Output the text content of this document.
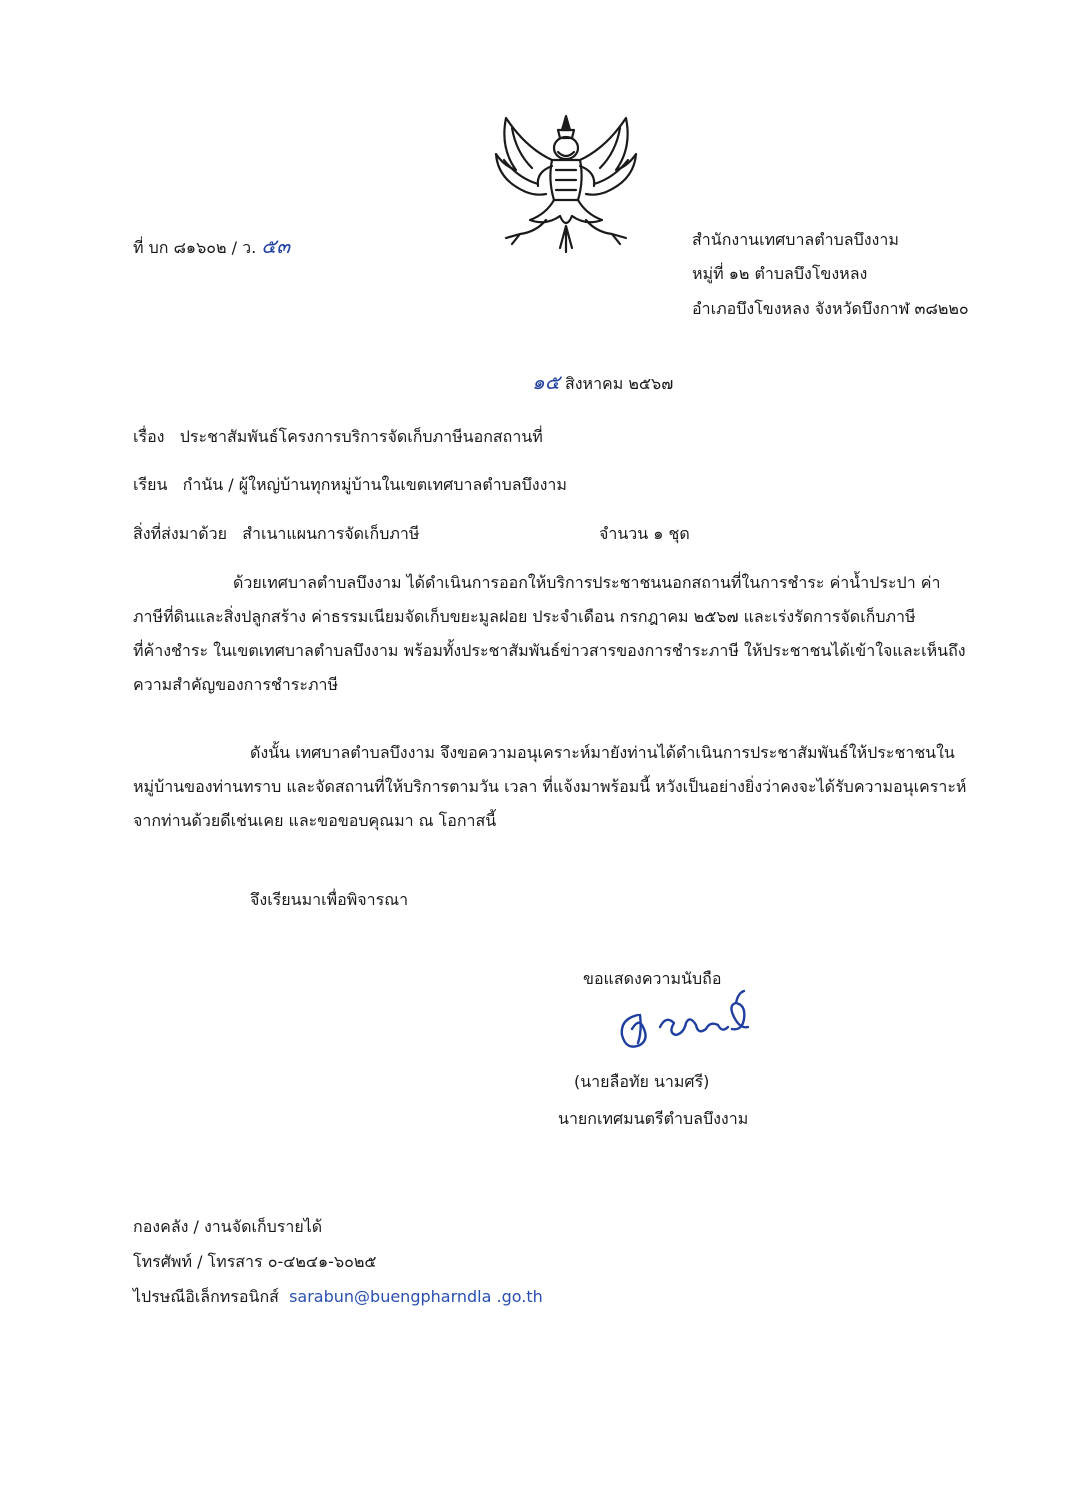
ที่ บก ๘๑๖๐๒ / ว. ๕๓	สำนักงานเทศบาลตำบลบึงงาม
หมู่ที่ ๑๒ ตำบลบึงโขงหลง
อำเภอบึงโขงหลง จังหวัดบึงกาฬ ๓๘๒๒๐
๑๕ สิงหาคม ๒๕๖๗
เรื่อง ประชาสัมพันธ์โครงการบริการจัดเก็บภาษีนอกสถานที่
เรียน กำนัน / ผู้ใหญ่บ้านทุกหมู่บ้านในเขตเทศบาลตำบลบึงงาม
สิ่งที่ส่งมาด้วย สำเนาแผนการจัดเก็บภาษี	จำนวน ๑ ชุด
ด้วยเทศบาลตำบลบึงงาม ได้ดำเนินการออกให้บริการประชาชนนอกสถานที่ในการชำระ ค่าน้ำประปา ค่า
ภาษีที่ดินและสิ่งปลูกสร้าง ค่าธรรมเนียมจัดเก็บขยะมูลฝอย ประจำเดือน กรกฎาคม ๒๕๖๗ และเร่งรัดการจัดเก็บภาษี
ที่ค้างชำระ ในเขตเทศบาลตำบลบึงงาม พร้อมทั้งประชาสัมพันธ์ข่าวสารของการชำระภาษี ให้ประชาชนได้เข้าใจและเห็นถึง
ความสำคัญของการชำระภาษี
ดังนั้น เทศบาลตำบลบึงงาม จึงขอความอนุเคราะห์มายังท่านได้ดำเนินการประชาสัมพันธ์ให้ประชาชนใน
หมู่บ้านของท่านทราบ และจัดสถานที่ให้บริการตามวัน เวลา ที่แจ้งมาพร้อมนี้ หวังเป็นอย่างยิ่งว่าคงจะได้รับความอนุเคราะห์
จากท่านด้วยดีเช่นเคย และขอขอบคุณมา ณ โอกาสนี้
จึงเรียนมาเพื่อพิจารณา
ขอแสดงความนับถือ
(นายลือทัย นามศรี)
นายกเทศมนตรีตำบลบึงงาม
กองคลัง / งานจัดเก็บรายได้
โทรศัพท์ / โทรสาร ๐-๔๒๔๑-๖๐๒๕
ไปรษณีอิเล็กทรอนิกส์ sarabun@buengpharndla .go.th
